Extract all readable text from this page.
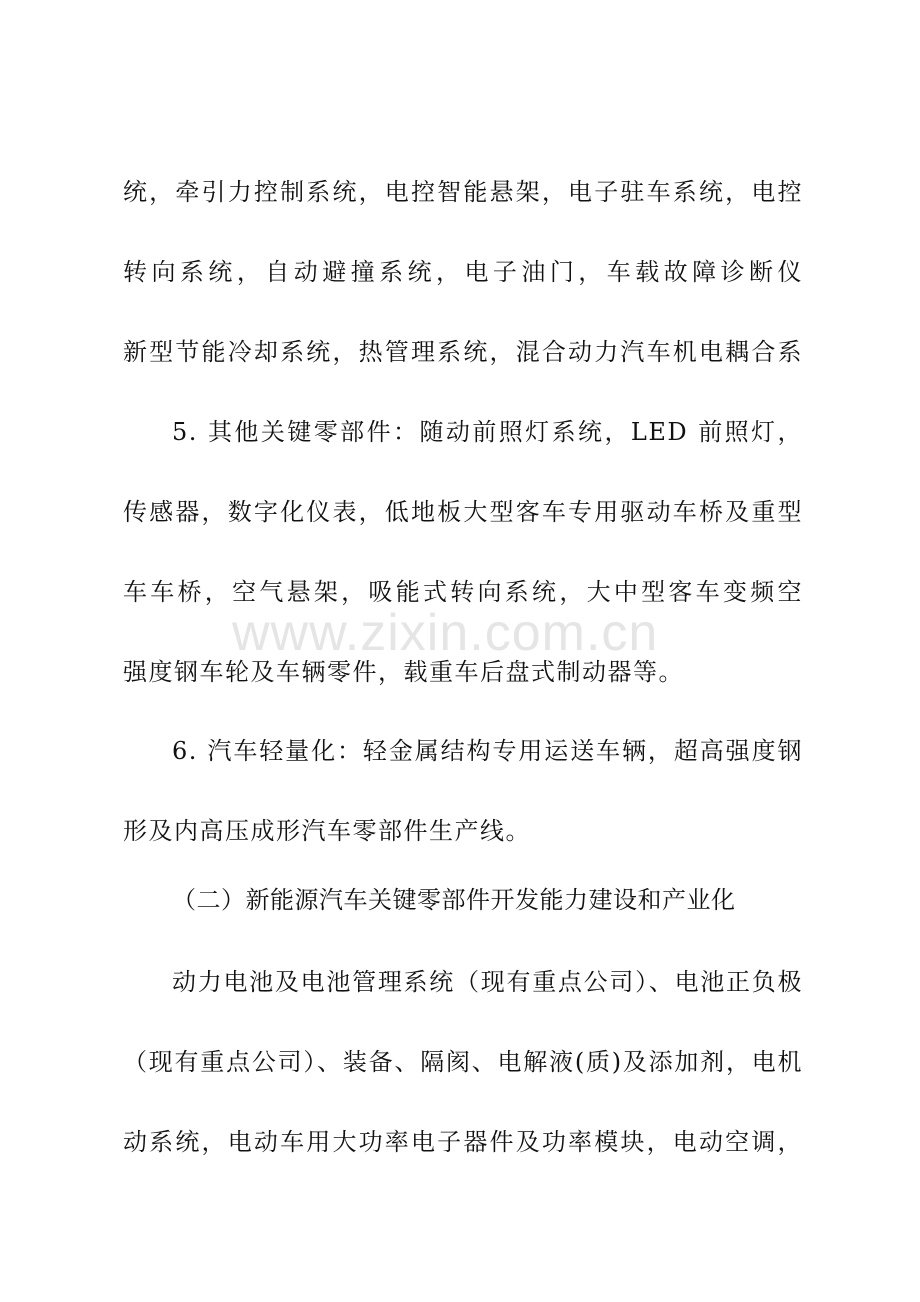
统，牵引力控制系统，电控智能悬架，电子驻车系统，电控
转向系统，自动避撞系统，电子油门，车载故障诊断仪
新型节能冷却系统，热管理系统，混合动力汽车机电耦合系
5. 其他关键零部件：随动前照灯系统，LED 前照灯，
传感器，数字化仪表，低地板大型客车专用驱动车桥及重型
车车桥，空气悬架，吸能式转向系统，大中型客车变频空
强度钢车轮及车辆零件，载重车后盘式制动器等。
6. 汽车轻量化：轻金属结构专用运送车辆，超高强度钢
形及内高压成形汽车零部件生产线。
（二）新能源汽车关键零部件开发能力建设和产业化
动力电池及电池管理系统（现有重点公司）、电池正负极
（现有重点公司）、装备、隔阂、电解液(质)及添加剂，电机
动系统，电动车用大功率电子器件及功率模块，电动空调，
www.zixin.com.cn
